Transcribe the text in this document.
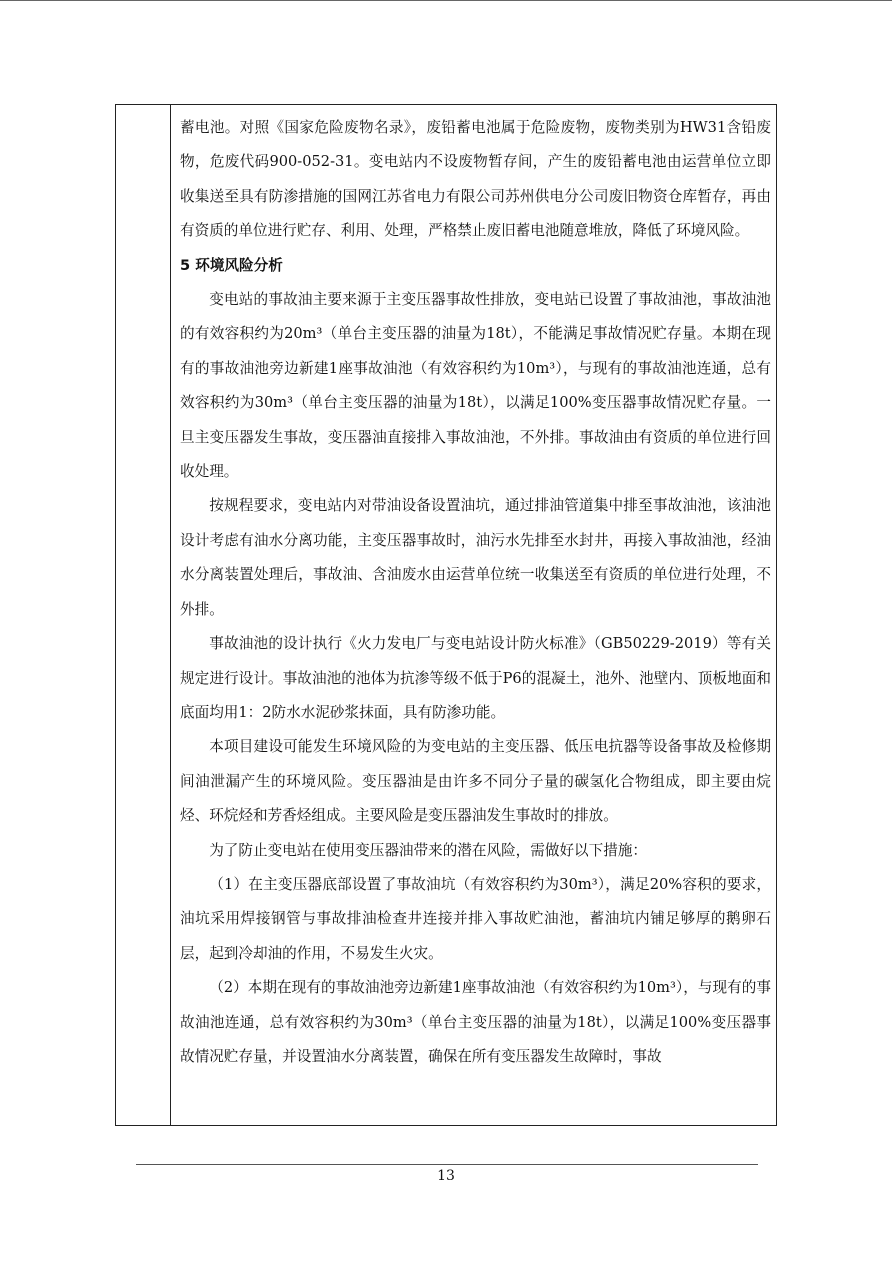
蓄电池。对照《国家危险废物名录》，废铅蓄电池属于危险废物，废物类别为HW31含铅废物，危废代码900-052-31。变电站内不设废物暂存间，产生的废铅蓄电池由运营单位立即收集送至具有防渗措施的国网江苏省电力有限公司苏州供电分公司废旧物资仓库暂存，再由有资质的单位进行贮存、利用、处理，严格禁止废旧蓄电池随意堆放，降低了环境风险。

5 环境风险分析

变电站的事故油主要来源于主变压器事故性排放，变电站已设置了事故油池，事故油池的有效容积约为20m³（单台主变压器的油量为18t），不能满足事故情况贮存量。本期在现有的事故油池旁边新建1座事故油池（有效容积约为10m³），与现有的事故油池连通，总有效容积约为30m³（单台主变压器的油量为18t），以满足100%变压器事故情况贮存量。一旦主变压器发生事故，变压器油直接排入事故油池，不外排。事故油由有资质的单位进行回收处理。

按规程要求，变电站内对带油设备设置油坑，通过排油管道集中排至事故油池，该油池设计考虑有油水分离功能，主变压器事故时，油污水先排至水封井，再接入事故油池，经油水分离装置处理后，事故油、含油废水由运营单位统一收集送至有资质的单位进行处理，不外排。

事故油池的设计执行《火力发电厂与变电站设计防火标准》（GB50229-2019）等有关规定进行设计。事故油池的池体为抗渗等级不低于P6的混凝土，池外、池壁内、顶板地面和底面均用1：2防水水泥砂浆抹面，具有防渗功能。

本项目建设可能发生环境风险的为变电站的主变压器、低压电抗器等设备事故及检修期间油泄漏产生的环境风险。变压器油是由许多不同分子量的碳氢化合物组成，即主要由烷烃、环烷烃和芳香烃组成。主要风险是变压器油发生事故时的排放。

为了防止变电站在使用变压器油带来的潜在风险，需做好以下措施：

（1）在主变压器底部设置了事故油坑（有效容积约为30m³），满足20%容积的要求，油坑采用焊接钢管与事故排油检查井连接并排入事故贮油池，蓄油坑内铺足够厚的鹅卵石层，起到冷却油的作用，不易发生火灾。

（2）本期在现有的事故油池旁边新建1座事故油池（有效容积约为10m³），与现有的事故油池连通，总有效容积约为30m³（单台主变压器的油量为18t），以满足100%变压器事故情况贮存量，并设置油水分离装置，确保在所有变压器发生故障时，事故

13
